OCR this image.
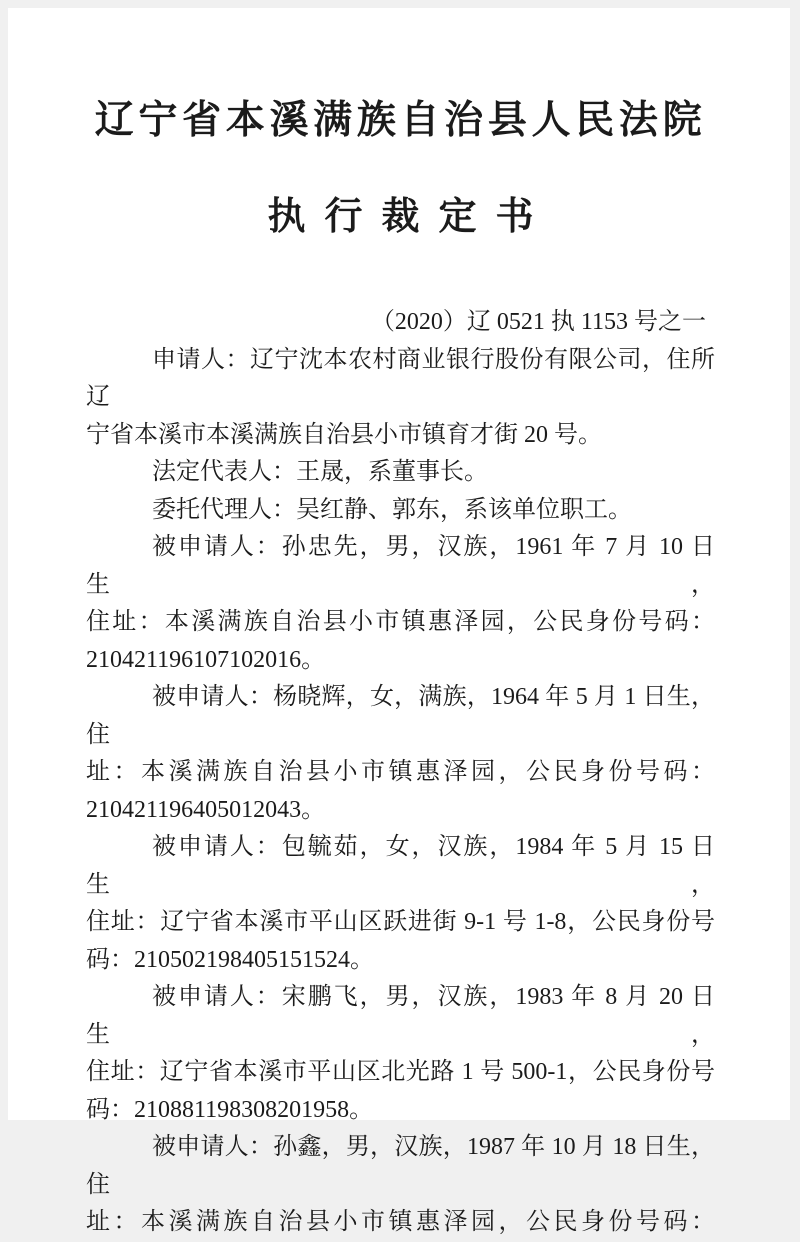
辽宁省本溪满族自治县人民法院
执行裁定书
（2020）辽 0521 执 1153 号之一
申请人：辽宁沈本农村商业银行股份有限公司，住所辽
宁省本溪市本溪满族自治县小市镇育才街 20 号。
法定代表人：王晟，系董事长。
委托代理人：吴红静、郭东，系该单位职工。
被申请人：孙忠先，男，汉族，1961 年 7 月 10 日生，
住址：本溪满族自治县小市镇惠泽园，公民身份号码：
210421196107102016。
被申请人：杨晓辉，女，满族，1964 年 5 月 1 日生，住
址：本溪满族自治县小市镇惠泽园，公民身份号码：
210421196405012043。
被申请人：包毓茹，女，汉族，1984 年 5 月 15 日生，
住址：辽宁省本溪市平山区跃进街 9-1 号 1-8，公民身份号
码：210502198405151524。
被申请人：宋鹏飞，男，汉族，1983 年 8 月 20 日生，
住址：辽宁省本溪市平山区北光路 1 号 500-1，公民身份号
码：210881198308201958。
被申请人：孙鑫，男，汉族，1987 年 10 月 18 日生，住
址：本溪满族自治县小市镇惠泽园，公民身份号码：
